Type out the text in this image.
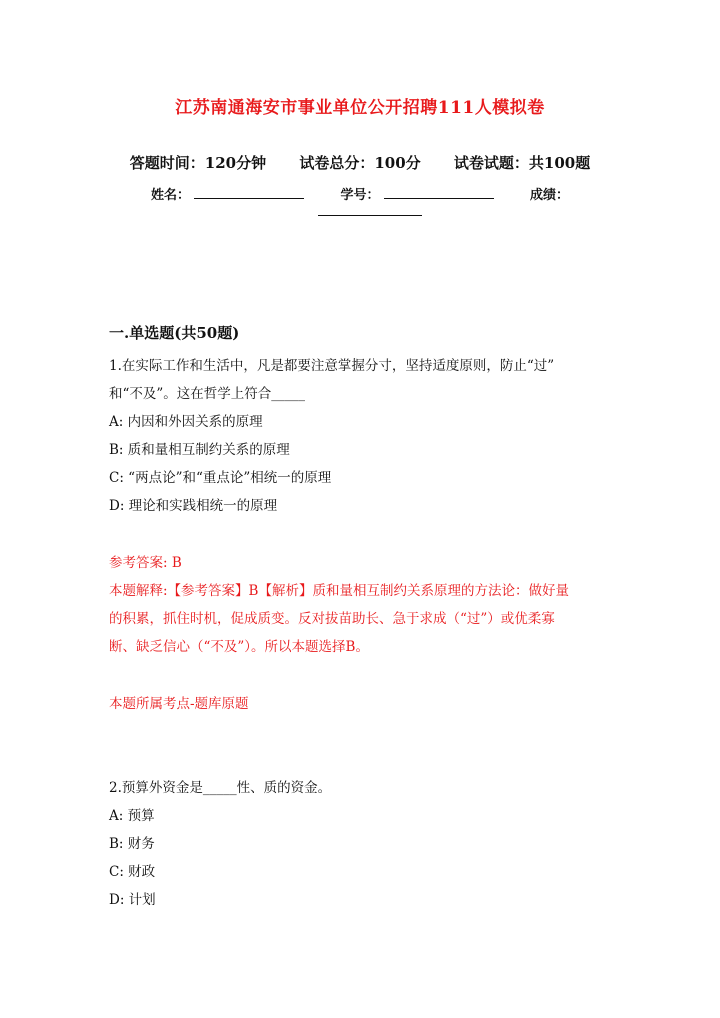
江苏南通海安市事业单位公开招聘111人模拟卷
答题时间：120分钟 试卷总分：100分 试卷试题：共100题
姓名：	学号：	成绩：
一.单选题(共50题)
1.在实际工作和生活中，凡是都要注意掌握分寸，坚持适度原则，防止“过”
和“不及”。这在哲学上符合_____
A: 内因和外因关系的原理
B: 质和量相互制约关系的原理
C: “两点论”和“重点论”相统一的原理
D: 理论和实践相统一的原理
参考答案: B
本题解释:【参考答案】B【解析】质和量相互制约关系原理的方法论：做好量
的积累，抓住时机，促成质变。反对拔苗助长、急于求成（“过”）或优柔寡
断、缺乏信心（“不及”）。所以本题选择B。
本题所属考点-题库原题
2.预算外资金是_____性、质的资金。
A: 预算
B: 财务
C: 财政
D: 计划
